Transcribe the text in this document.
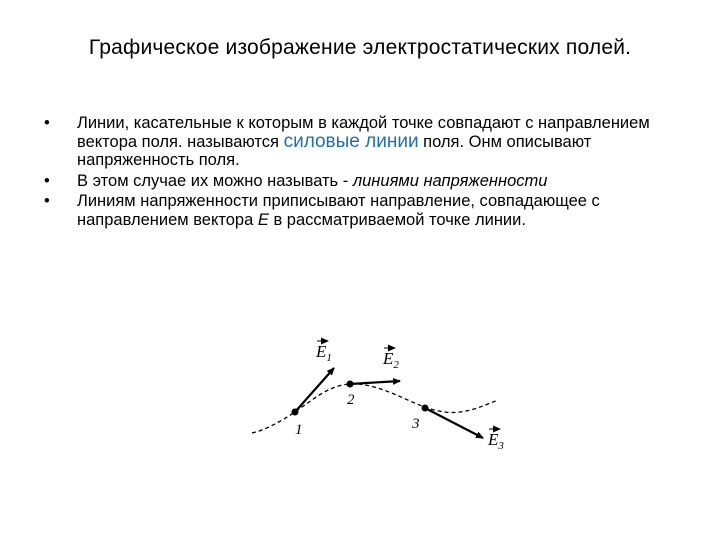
Графическое изображение электростатических полей.
• Линии, касательные к которым в каждой точке совпадают с направлением вектора поля. называются силовые линии поля. Онм описывают напряженность поля.
• В этом случае их можно называть - линиями напряженности
• Линиям напряженности приписывают направление, совпадающее с направлением вектора E в рассматриваемой точке линии.
$E_1$	$E_2$
$E_3$
1
2
3
